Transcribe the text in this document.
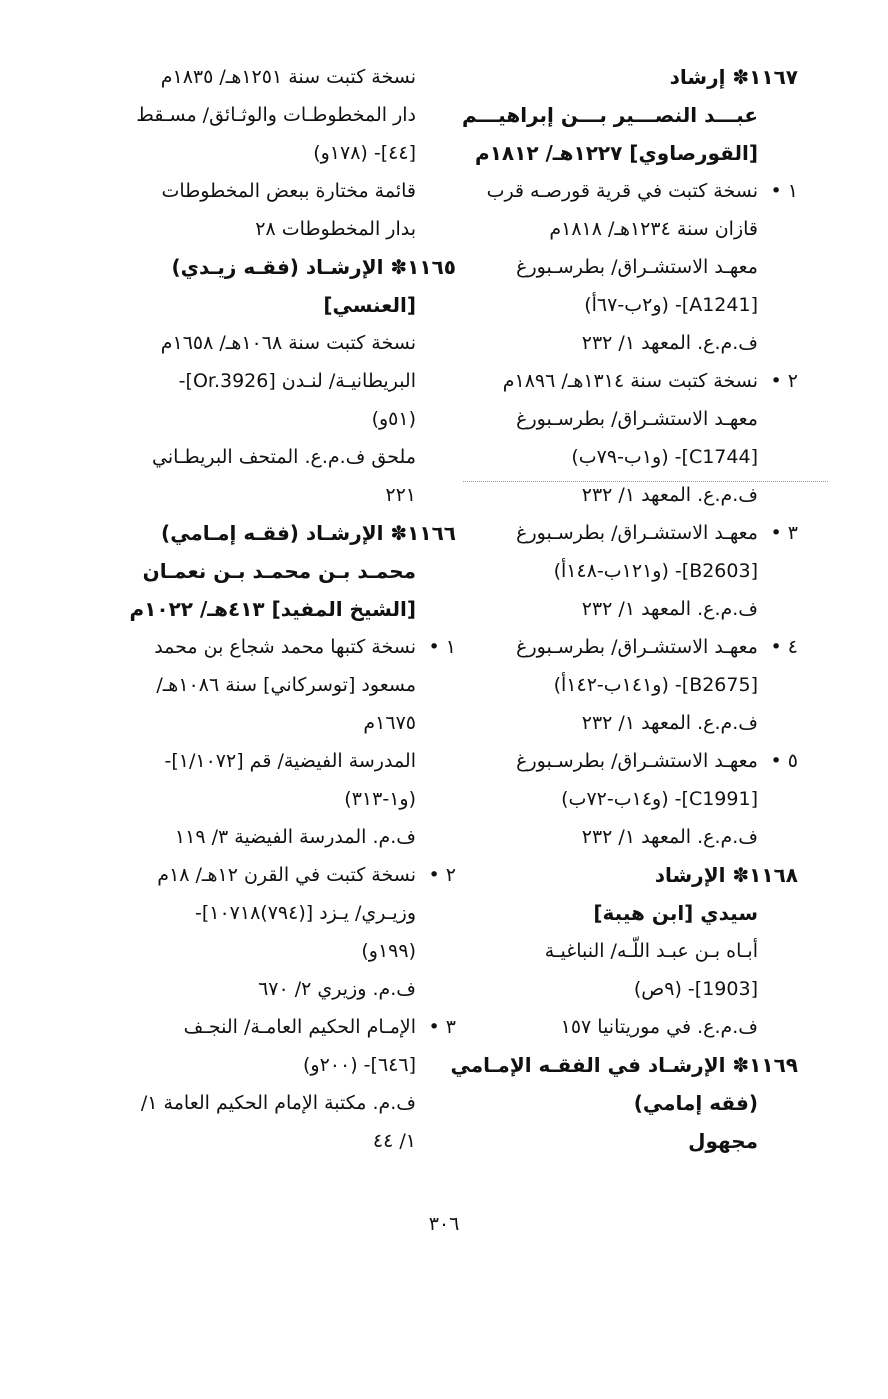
١١٦٧✽ إرشاد
عبـــد النصـــير بـــن إبراهيـــم
[القورصاوي] ١٢٢٧هـ/ ١٨١٢م
١ •نسخة كتبت في قرية قورصـه قرب
قازان سنة ١٢٣٤هـ/ ١٨١٨م
معهـد الاستشـراق/ بطرسـبورغ
[A1241]- (و٢ب-٦٧أ)
ف.م.ع. المعهد ١/ ٢٣٢
٢ •نسخة كتبت سنة ١٣١٤هـ/ ١٨٩٦م
معهـد الاستشـراق/ بطرسـبورغ
[C1744]- (و١ب-٧٩ب)
ف.م.ع. المعهد ١/ ٢٣٢
٣ •معهـد الاستشـراق/ بطرسـبورغ
[B2603]- (و١٢١ب-١٤٨أ)
ف.م.ع. المعهد ١/ ٢٣٢
٤ •معهـد الاستشـراق/ بطرسـبورغ
[B2675]- (و١٤١ب-١٤٢أ)
ف.م.ع. المعهد ١/ ٢٣٢
٥ •معهـد الاستشـراق/ بطرسـبورغ
[C1991]- (و١٤ب-٧٢ب)
ف.م.ع. المعهد ١/ ٢٣٢
١١٦٨✽ الإرشاد
سيدي [ابن هيبة]
أبـاه بـن عبـد اللّـه/ النباغيـة
[1903]- (٩ص)
ف.م.ع. في موريتانيا ١٥٧
١١٦٩✽ الإرشـاد في الفقـه الإمـامي
(فقه إمامي)
مجهول
نسخة كتبت سنة ١٢٥١هـ/ ١٨٣٥م
دار المخطوطـات والوثـائق/ مسـقط
[٤٤]- (١٧٨و)
قائمة مختارة ببعض المخطوطات
بدار المخطوطات ٢٨
١١٦٥✽ الإرشـاد (فقـه زيـدي)
[العنسي]
نسخة كتبت سنة ١٠٦٨هـ/ ١٦٥٨م
البريطانيـة/ لنـدن [Or.3926]-
(٥١و)
ملحق ف.م.ع. المتحف البريطـاني
٢٢١
١١٦٦✽ الإرشـاد (فقـه إمـامي)
محمـد بـن محمـد بـن نعمـان
[الشيخ المفيد] ٤١٣هـ/ ١٠٢٢م
١ •نسخة كتبها محمد شجاع بن محمد
مسعود [توسركاني] سنة ١٠٨٦هـ/
١٦٧٥م
المدرسة الفيضية/ قم [١/١٠٧٢]-
(و١-٣١٣)
ف.م. المدرسة الفيضية ٣/ ١١٩
٢ •نسخة كتبت في القرن ١٢هـ/ ١٨م
وزيـري/ يـزد [(٧٩٤)١٠٧١٨]-
(١٩٩و)
ف.م. وزيري ٢/ ٦٧٠
٣ •الإمـام الحكيم العامـة/ النجـف
[٦٤٦]- (٢٠٠و)
ف.م. مكتبة الإمام الحكيم العامة ١/
١/ ٤٤
٣٠٦
